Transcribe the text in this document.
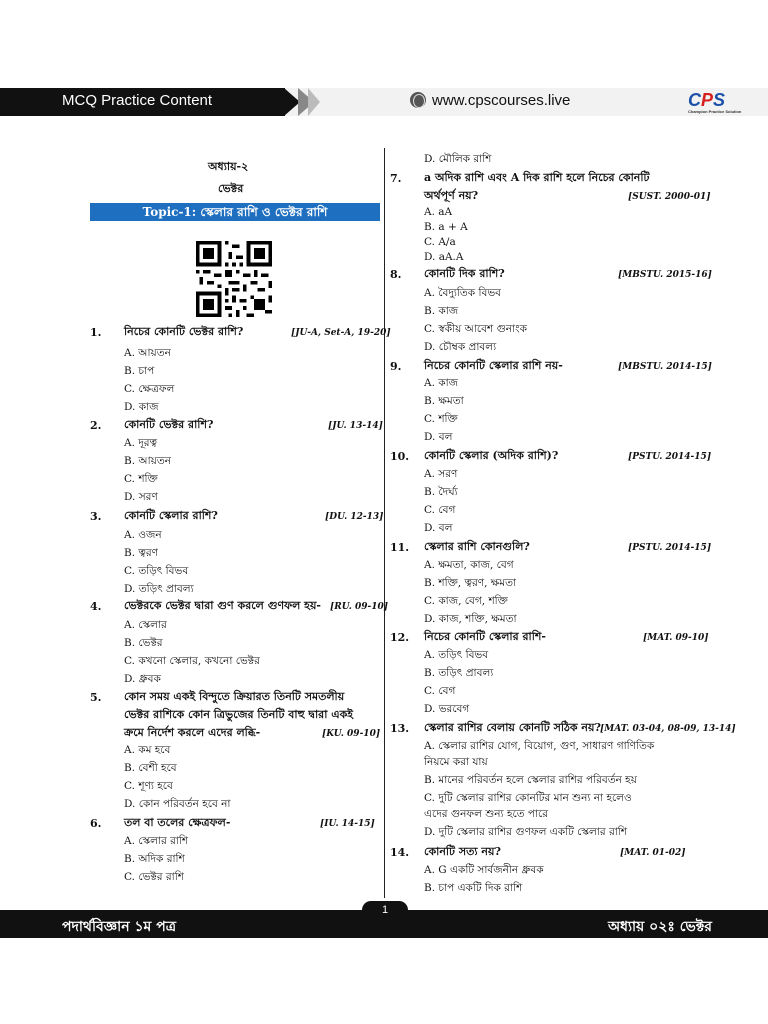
MCQ Practice Content	www.cpscourses.live	CPS
Champion Practice Solution
অধ্যায়-২
ভেক্টর
Topic-1: স্কেলার রাশি ও ভেক্টর রাশি
1. নিচের কোনটি ভেক্টর রাশি?	[JU-A, Set-A, 19-20]
A. আয়তন
B. চাপ
C. ক্ষেত্রফল
D. কাজ
2. কোনটি ভেক্টর রাশি?	[JU. 13-14]
A. দূরত্ব
B. আয়তন
C. শক্তি
D. সরণ
3. কোনটি স্কেলার রাশি?	[DU. 12-13]
A. ওজন
B. ত্বরণ
C. তড়িৎ বিভব
D. তড়িৎ প্রাবল্য
4. ভেক্টরকে ভেক্টর দ্বারা গুণ করলে গুণফল হয়- [RU. 09-10]
A. স্কেলার
B. ভেক্টর
C. কখনো স্কেলার, কখনো ভেক্টর
D. ধ্রুবক
5. কোন সময় একই বিন্দুতে ক্রিয়ারত তিনটি সমতলীয়
ভেক্টর রাশিকে কোন ত্রিভুজের তিনটি বাহু দ্বারা একই
ক্রমে নির্দেশ করলে এদের লব্ধি-	[KU. 09-10]
A. কম হবে
B. বেশী হবে
C. শূণ্য হবে
D. কোন পরিবর্তন হবে না
6. তল বা তলের ক্ষেত্রফল-	[IU. 14-15]
A. স্কেলার রাশি
B. অদিক রাশি
C. ভেক্টর রাশি
D. মৌলিক রাশি
7. a অদিক রাশি এবং A দিক রাশি হলে নিচের কোনটি
অর্থপূর্ণ নয়?	[SUST. 2000-01]
A. aA
B. a + A
C. A/a
D. aA.A
8. কোনটি দিক রাশি?	[MBSTU. 2015-16]
A. বৈদ্যুতিক বিভব
B. কাজ
C. স্বকীয় আবেশ গুনাংক
D. চৌম্বক প্রাবল্য
9. নিচের কোনটি স্কেলার রাশি নয়-	[MBSTU. 2014-15]
A. কাজ
B. ক্ষমতা
C. শক্তি
D. বল
10. কোনটি স্কেলার (অদিক রাশি)?	[PSTU. 2014-15]
A. সরণ
B. দৈর্ঘ্য
C. বেগ
D. বল
11. স্কেলার রাশি কোনগুলি?	[PSTU. 2014-15]
A. ক্ষমতা, কাজ, বেগ
B. শক্তি, ত্বরণ, ক্ষমতা
C. কাজ, বেগ, শক্তি
D. কাজ, শক্তি, ক্ষমতা
12. নিচের কোনটি স্কেলার রাশি-	[MAT. 09-10]
A. তড়িৎ বিভব
B. তড়িৎ প্রাবল্য
C. বেগ
D. ভরবেগ
13. স্কেলার রাশির বেলায় কোনটি সঠিক নয়? [MAT. 03-04, 08-09, 13-14]
A. স্কেলার রাশির যোগ, বিয়োগ, গুণ, সাধারণ গাণিতিক
নিয়মে করা যায়
B. মানের পরিবর্তন হলে স্কেলার রাশির পরিবর্তন হয়
C. দুটি স্কেলার রাশির কোনটির মান শুন্য না হলেও
এদের গুনফল শুন্য হতে পারে
D. দুটি স্কেলার রাশির গুণফল একটি স্কেলার রাশি
14. কোনটি সত্য নয়?	[MAT. 01-02]
A. G একটি সার্বজনীন ধ্রুবক
B. চাপ একটি দিক রাশি
পদার্থবিজ্ঞান ১ম পত্র	অধ্যায় ০২ঃ ভেক্টর
1
